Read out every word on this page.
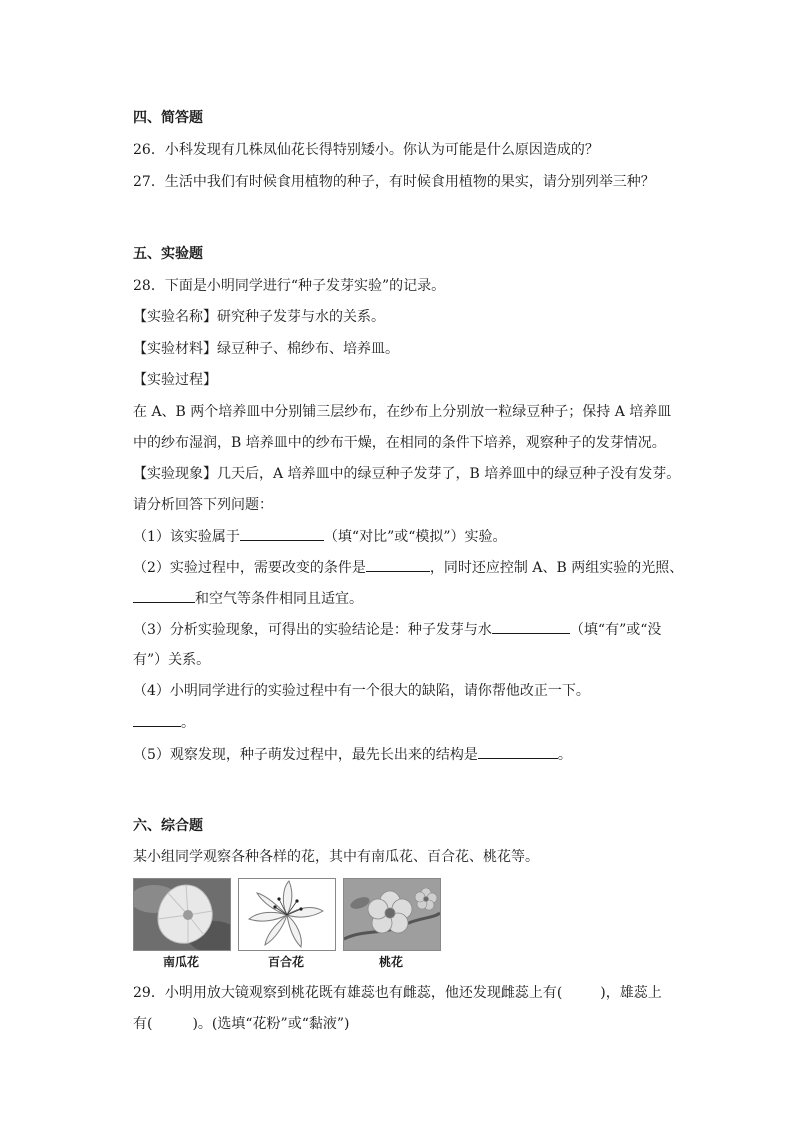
四、简答题
26．小科发现有几株凤仙花长得特别矮小。你认为可能是什么原因造成的？
27．生活中我们有时候食用植物的种子，有时候食用植物的果实，请分别列举三种？
五、实验题
28．下面是小明同学进行“种子发芽实验”的记录。
【实验名称】研究种子发芽与水的关系。
【实验材料】绿豆种子、棉纱布、培养皿。
【实验过程】
在 A、B 两个培养皿中分别铺三层纱布，在纱布上分别放一粒绿豆种子；保持 A 培养皿
中的纱布湿润，B 培养皿中的纱布干燥，在相同的条件下培养，观察种子的发芽情况。
【实验现象】几天后，A 培养皿中的绿豆种子发芽了，B 培养皿中的绿豆种子没有发芽。
请分析回答下列问题：
（1）该实验属于	（填“对比”或“模拟”）实验。
（2）实验过程中，需要改变的条件是	，同时还应控制 A、B 两组实验的光照、
和空气等条件相同且适宜。
（3）分析实验现象，可得出的实验结论是：种子发芽与水	（填“有”或“没
有”）关系。
（4）小明同学进行的实验过程中有一个很大的缺陷，请你帮他改正一下。
。
（5）观察发现，种子萌发过程中，最先长出来的结构是	。
六、综合题
某小组同学观察各种各样的花，其中有南瓜花、百合花、桃花等。
南瓜花	百合花	桃花
29．小明用放大镜观察到桃花既有雄蕊也有雌蕊，他还发现雌蕊上有(	)，雄蕊上
有(	)。(选填“花粉”或“黏液”)
